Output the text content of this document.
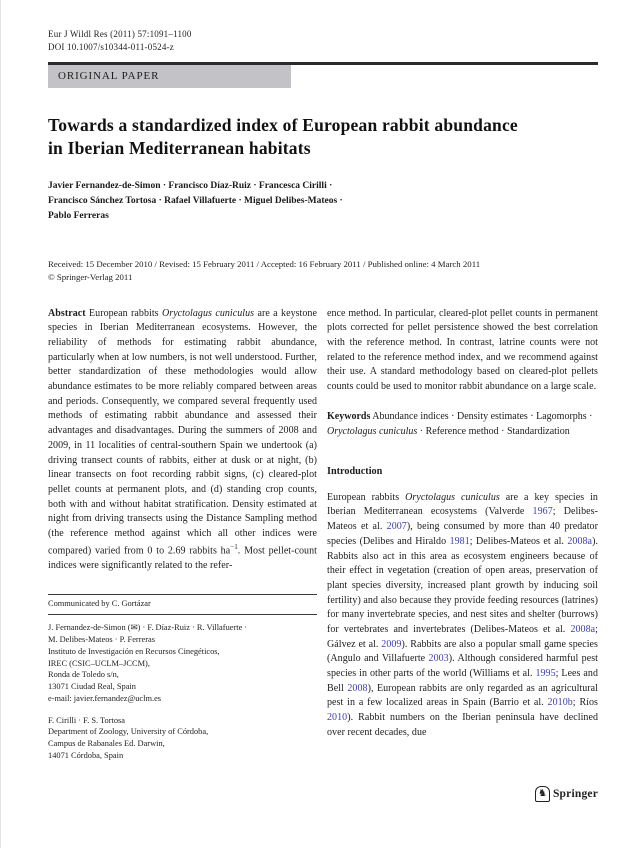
Eur J Wildl Res (2011) 57:1091–1100
DOI 10.1007/s10344-011-0524-z
ORIGINAL PAPER
Towards a standardized index of European rabbit abundance in Iberian Mediterranean habitats
Javier Fernandez-de-Simon · Francisco Díaz-Ruiz · Francesca Cirilli ·
Francisco Sánchez Tortosa · Rafael Villafuerte · Miguel Delibes-Mateos ·
Pablo Ferreras
Received: 15 December 2010 / Revised: 15 February 2011 / Accepted: 16 February 2011 / Published online: 4 March 2011
© Springer-Verlag 2011

Abstract European rabbits Oryctolagus cuniculus are a keystone species in Iberian Mediterranean ecosystems. However, the reliability of methods for estimating rabbit abundance, particularly when at low numbers, is not well understood. Further, better standardization of these methodologies would allow abundance estimates to be more reliably compared between areas and periods. Consequently, we compared several frequently used methods of estimating rabbit abundance and assessed their advantages and disadvantages. During the summers of 2008 and 2009, in 11 localities of central-southern Spain we undertook (a) driving transect counts of rabbits, either at dusk or at night, (b) linear transects on foot recording rabbit signs, (c) cleared-plot pellet counts at permanent plots, and (d) standing crop counts, both with and without habitat stratification. Density estimated at night from driving transects using the Distance Sampling method (the reference method against which all other indices were compared) varied from 0 to 2.69 rabbits $ha^{-1}$. Most pellet-count indices were significantly related to the refer-

Communicated by C. Gortázar
J. Fernandez-de-Simon (✉) · F. Díaz-Ruiz · R. Villafuerte ·
M. Delibes-Mateos · P. Ferreras
Instituto de Investigación en Recursos Cinegéticos,
IREC (CSIC–UCLM–JCCM),
Ronda de Toledo s/n,
13071 Ciudad Real, Spain
e-mail: javier.fernandez@uclm.es
F. Cirilli · F. S. Tortosa
Department of Zoology, University of Córdoba,
Campus de Rabanales Ed. Darwin,
14071 Córdoba, Spain

ence method. In particular, cleared-plot pellet counts in permanent plots corrected for pellet persistence showed the best correlation with the reference method. In contrast, latrine counts were not related to the reference method index, and we recommend against their use. A standard methodology based on cleared-plot pellets counts could be used to monitor rabbit abundance on a large scale.

Keywords Abundance indices · Density estimates · Lagomorphs · Oryctolagus cuniculus · Reference method · Standardization

Introduction

European rabbits Oryctolagus cuniculus are a key species in Iberian Mediterranean ecosystems (Valverde 1967; Delibes-Mateos et al. 2007), being consumed by more than 40 predator species (Delibes and Hiraldo 1981; Delibes-Mateos et al. 2008a). Rabbits also act in this area as ecosystem engineers because of their effect in vegetation (creation of open areas, preservation of plant species diversity, increased plant growth by inducing soil fertility) and also because they provide feeding resources (latrines) for many invertebrate species, and nest sites and shelter (burrows) for vertebrates and invertebrates (Delibes-Mateos et al. 2008a; Gálvez et al. 2009). Rabbits are also a popular small game species (Angulo and Villafuerte 2003). Although considered harmful pest species in other parts of the world (Williams et al. 1995; Lees and Bell 2008), European rabbits are only regarded as an agricultural pest in a few localized areas in Spain (Barrio et al. 2010b; Ríos 2010). Rabbit numbers on the Iberian peninsula have declined over recent decades, due

♞ Springer
